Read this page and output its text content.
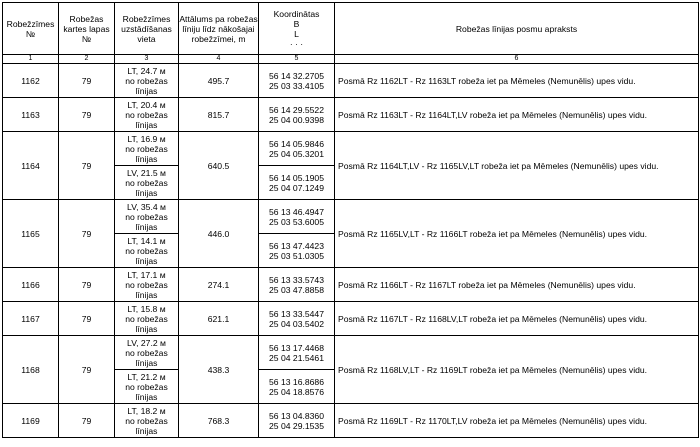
Robežzīmes №	Robežas kartes lapas №	Robežzīmes uzstādīšanas vieta	Attālums pa robežas līniju līdz nākošajai robežzīmei, m	Koordinātas
B
L
· · ·	Robežas līnijas posmu apraksts
1	2	3	4	5	6
1162	79	LT, 24.7 м
no robežas
līnijas	495.7	56 14 32.2705
25 03 33.4105	Posmā Rz 1162LT - Rz 1163LT robeža iet pa Mēmeles (Nemunēlis) upes vidu.
1163	79	LT, 20.4 м
no robežas
līnijas	815.7	56 14 29.5522
25 04 00.9398	Posmā Rz 1163LT - Rz 1164LT,LV robeža iet pa Mēmeles (Nemunēlis) upes vidu.
1164	79	LT, 16.9 м
no robežas
līnijas	640.5	56 14 05.9846
25 04 05.3201	Posmā Rz 1164LT,LV - Rz 1165LV,LT robeža iet pa Mēmeles (Nemunēlis) upes vidu.

		LV, 21.5 м
no robežas
līnijas		56 14 05.1905
25 04 07.1249	

1165	79	LV, 35.4 м
no robežas
līnijas	446.0	56 13 46.4947
25 03 53.6005	Posmā Rz 1165LV,LT - Rz 1166LT robeža iet pa Mēmeles (Nemunēlis) upes vidu.

		LT, 14.1 м
no robežas
līnijas		56 13 47.4423
25 03 51.0305	

1166	79	LT, 17.1 м
no robežas
līnijas	274.1	56 13 33.5743
25 03 47.8858	Posmā Rz 1166LT - Rz 1167LT robeža iet pa Mēmeles (Nemunēlis) upes vidu.
1167	79	LT, 15.8 м
no robežas
līnijas	621.1	56 13 33.5447
25 04 03.5402	Posmā Rz 1167LT - Rz 1168LV,LT robeža iet pa Mēmeles (Nemunēlis) upes vidu.
1168	79	LV, 27.2 м
no robežas
līnijas	438.3	56 13 17.4468
25 04 21.5461	Posmā Rz 1168LV,LT - Rz 1169LT robeža iet pa Mēmeles (Nemunēlis) upes vidu.

		LT, 21.2 м
no robežas
līnijas		56 13 16.8686
25 04 18.8576	

1169	79	LT, 18.2 м
no robežas
līnijas	768.3	56 13 04.8360
25 04 29.1535	Posmā Rz 1169LT - Rz 1170LT,LV robeža iet pa Mēmeles (Nemunēlis) upes vidu.
